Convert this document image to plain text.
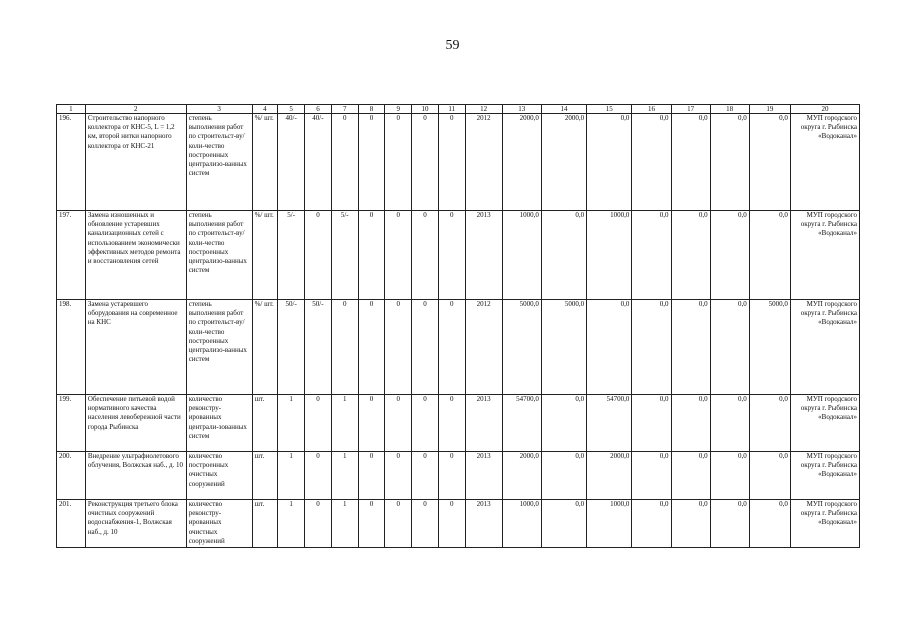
59
1	2	3	4	5	6	7	8	9	10	11	12	13	14	15	16	17	18	19	20
196.	Строительство напорного коллектора от КНС-5, L = 1,2 км, второй нитки напорного коллектора от КНС-21	степень выполнения работ по строительст-ву/ коли-чество построенных централизо-ванных систем	%/ шт.	40/-	40/-	0	0	0	0	0	2012	2000,0	2000,0	0,0	0,0	0,0	0,0	0,0	МУП городского округа г. Рыбинска «Водоканал»
197.	Замена изношенных и обновление устаревших канализационных сетей с использованием экономически эффективных методов ремонта и восстановления сетей	степень выполнения работ по строительст-ву/ коли-чество построенных централизо-ванных систем	%/ шт.	5/-	0	5/-	0	0	0	0	2013	1000,0	0,0	1000,0	0,0	0,0	0,0	0,0	МУП городского округа г. Рыбинска «Водоканал»
198.	Замена устаревшего оборудования на современное на КНС	степень выполнения работ по строительст-ву/ коли-чество построенных централизо-ванных систем	%/ шт.	50/-	50/-	0	0	0	0	0	2012	5000,0	5000,0	0,0	0,0	0,0	0,0	5000,0	МУП городского округа г. Рыбинска «Водоканал»
199.	Обеспечение питьевой водой нормативного качества населения левобережной части города Рыбинска	количество реконстру-ированных централи-зованных систем	шт.	1	0	1	0	0	0	0	2013	54700,0	0,0	54700,0	0,0	0,0	0,0	0,0	МУП городского округа г. Рыбинска «Водоканал»
200.	Внедрение ультрафиолетового облучения, Волжская наб., д. 10	количество построенных очистных сооружений	шт.	1	0	1	0	0	0	0	2013	2000,0	0,0	2000,0	0,0	0,0	0,0	0,0	МУП городского округа г. Рыбинска «Водоканал»
201.	Реконструкция третьего блока очистных сооружений водоснабжения-1, Волжская наб., д. 10	количество реконстру-ированных очистных сооружений	шт.	1	0	1	0	0	0	0	2013	1000,0	0,0	1000,0	0,0	0,0	0,0	0,0	МУП городского округа г. Рыбинска «Водоканал»
